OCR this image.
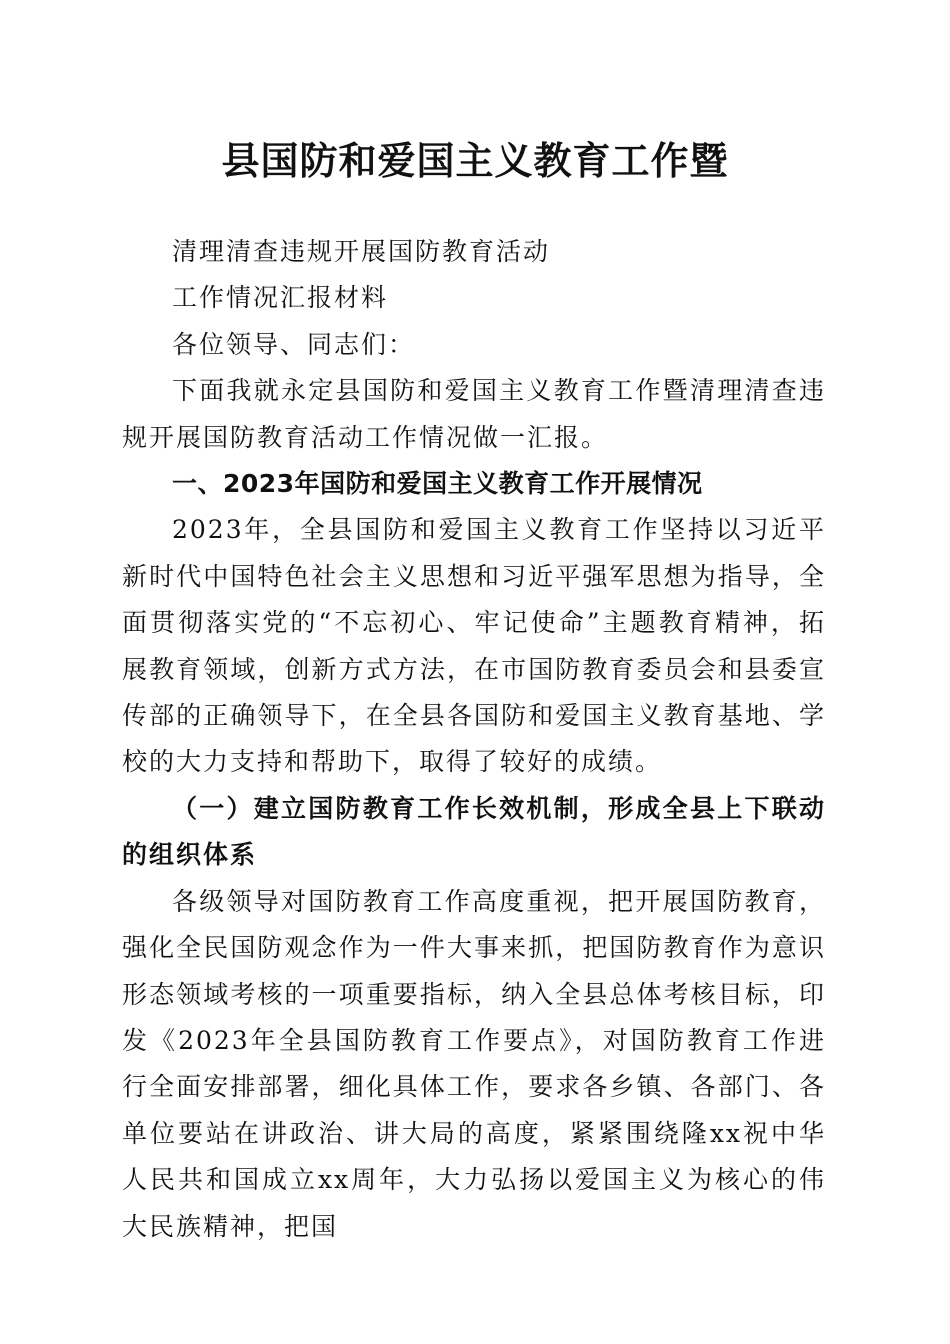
县国防和爱国主义教育工作暨

清理清查违规开展国防教育活动

工作情况汇报材料

各位领导、同志们：

下面我就永定县国防和爱国主义教育工作暨清理清查违规开展国防教育活动工作情况做一汇报。

一、2023年国防和爱国主义教育工作开展情况

2023年，全县国防和爱国主义教育工作坚持以习近平新时代中国特色社会主义思想和习近平强军思想为指导，全面贯彻落实党的“不忘初心、牢记使命”主题教育精神，拓展教育领域，创新方式方法，在市国防教育委员会和县委宣传部的正确领导下，在全县各国防和爱国主义教育基地、学校的大力支持和帮助下，取得了较好的成绩。

（一）建立国防教育工作长效机制，形成全县上下联动的组织体系

各级领导对国防教育工作高度重视，把开展国防教育，强化全民国防观念作为一件大事来抓，把国防教育作为意识形态领域考核的一项重要指标，纳入全县总体考核目标，印发《2023年全县国防教育工作要点》，对国防教育工作进行全面安排部署，细化具体工作，要求各乡镇、各部门、各单位要站在讲政治、讲大局的高度，紧紧围绕隆xx祝中华人民共和国成立xx周年，大力弘扬以爱国主义为核心的伟大民族精神，把国
